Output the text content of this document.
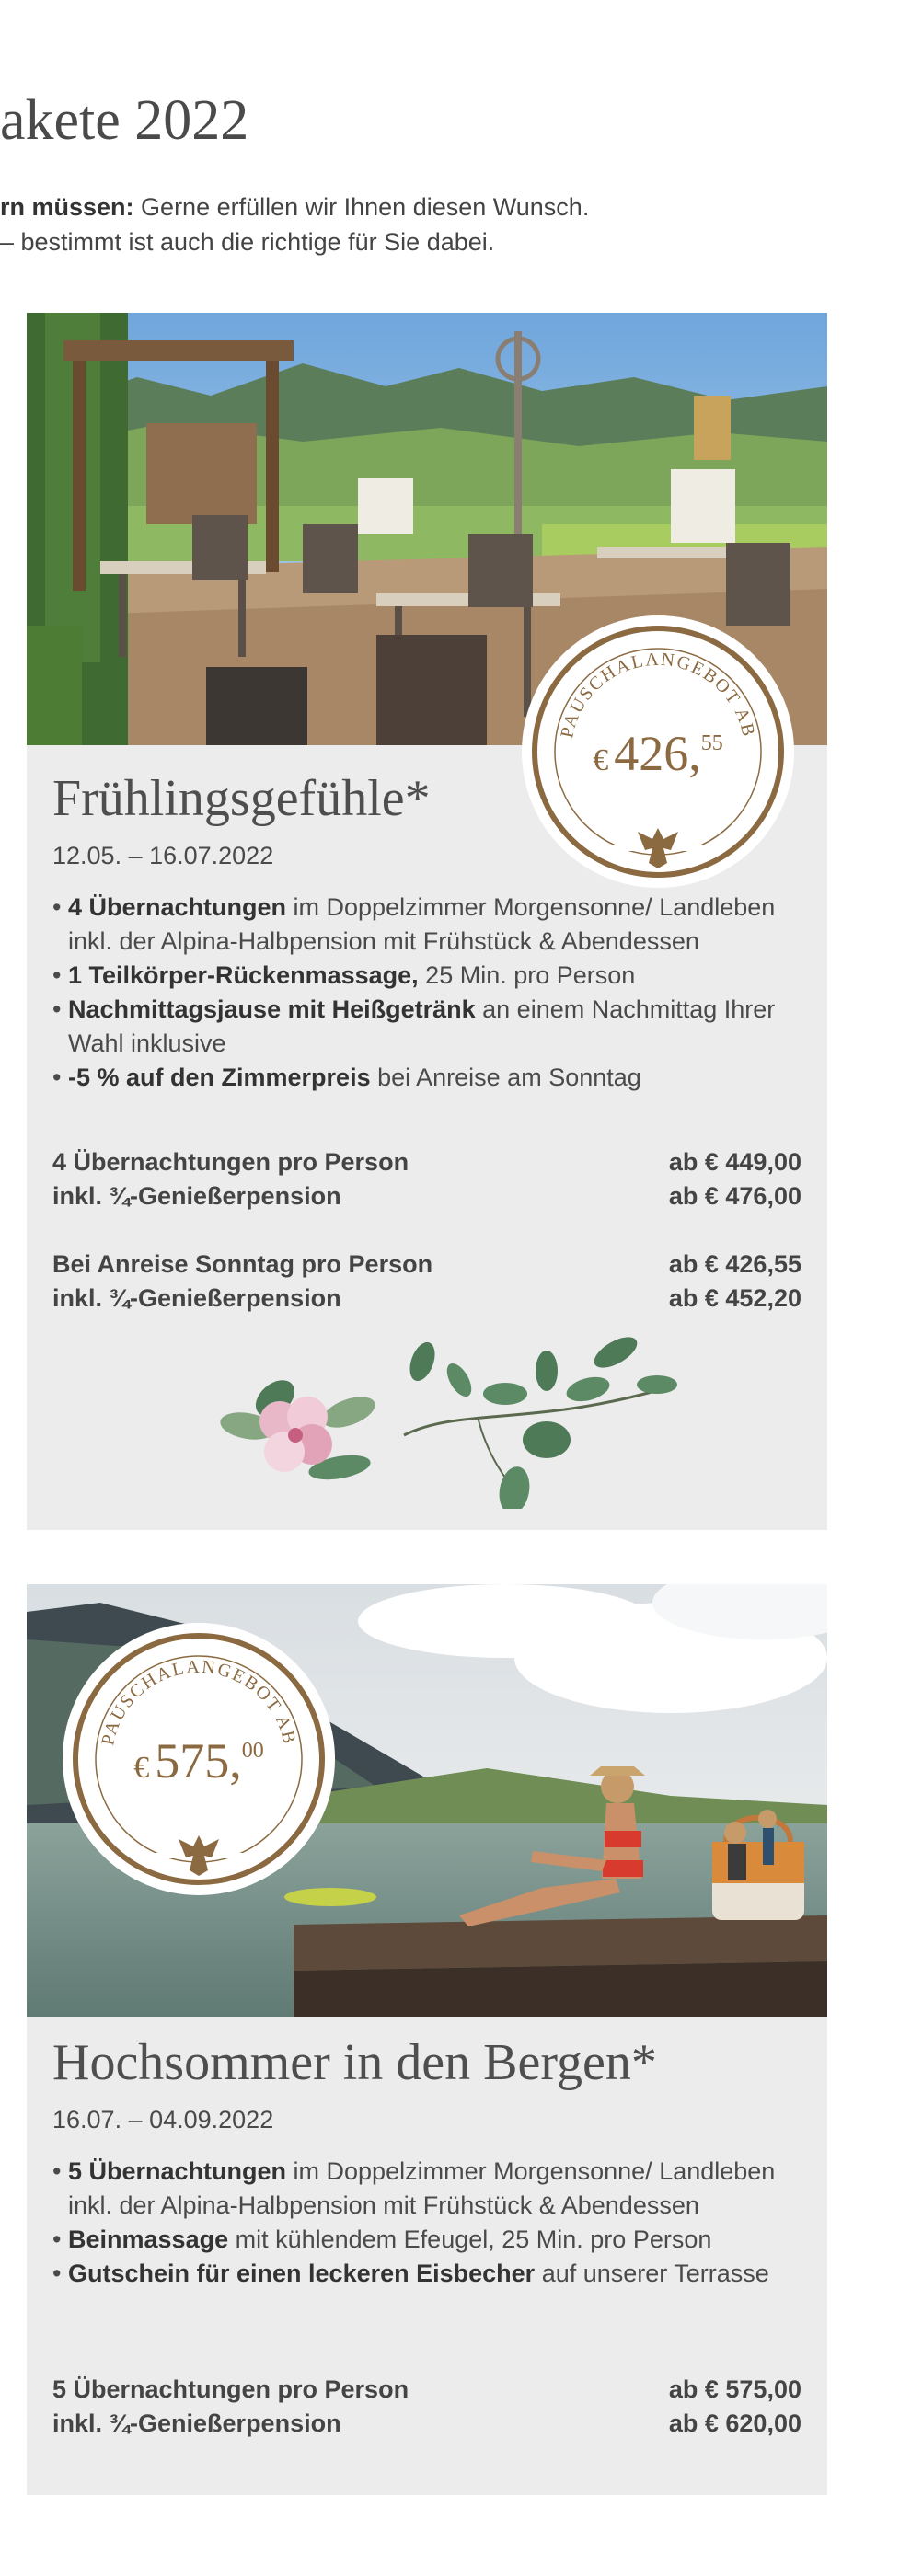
akete 2022
rn müssen: Gerne erfüllen wir Ihnen diesen Wunsch.
– bestimmt ist auch die richtige für Sie dabei.
PAUSCHALANGEBOT AB
€ 426,55
Frühlingsgefühle*
12.05. – 16.07.2022
• 4 Übernachtungen im Doppelzimmer Morgensonne/ Landleben inkl. der Alpina-Halbpension mit Frühstück & Abendessen
• 1 Teilkörper-Rückenmassage, 25 Min. pro Person
• Nachmittagsjause mit Heißgetränk an einem Nachmittag Ihrer Wahl inklusive
• -5 % auf den Zimmerpreis bei Anreise am Sonntag
4 Übernachtungen pro Person	ab € 449,00
inkl. ¾-Genießerpension	ab € 476,00
Bei Anreise Sonntag pro Person	ab € 426,55
inkl. ¾-Genießerpension	ab € 452,20
PAUSCHALANGEBOT AB
€ 575,00
Hochsommer in den Bergen*
16.07. – 04.09.2022
• 5 Übernachtungen im Doppelzimmer Morgensonne/ Landleben inkl. der Alpina-Halbpension mit Frühstück & Abendessen
• Beinmassage mit kühlendem Efeugel, 25 Min. pro Person
• Gutschein für einen leckeren Eisbecher auf unserer Terrasse
5 Übernachtungen pro Person	ab € 575,00
inkl. ¾-Genießerpension	ab € 620,00
